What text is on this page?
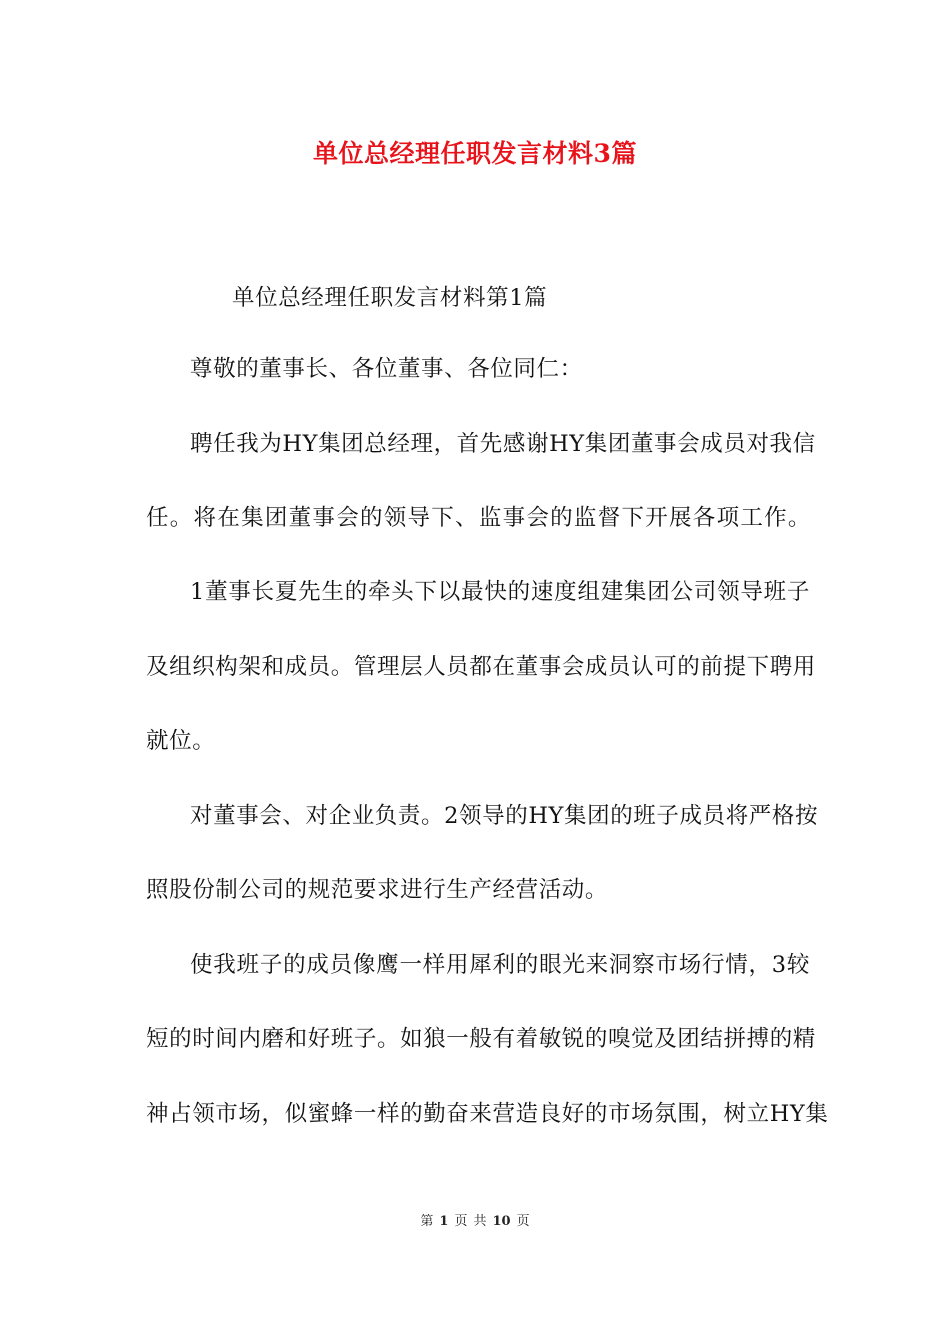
单位总经理任职发言材料3篇
单位总经理任职发言材料第1篇
尊敬的董事长、各位董事、各位同仁：
聘任我为HY集团总经理，首先感谢HY集团董事会成员对我信
任。将在集团董事会的领导下、监事会的监督下开展各项工作。
1董事长夏先生的牵头下以最快的速度组建集团公司领导班子
及组织构架和成员。管理层人员都在董事会成员认可的前提下聘用
就位。
对董事会、对企业负责。2领导的HY集团的班子成员将严格按
照股份制公司的规范要求进行生产经营活动。
使我班子的成员像鹰一样用犀利的眼光来洞察市场行情，3较
短的时间内磨和好班子。如狼一般有着敏锐的嗅觉及团结拼搏的精
神占领市场，似蜜蜂一样的勤奋来营造良好的市场氛围，树立HY集
第 1 页 共 10 页
